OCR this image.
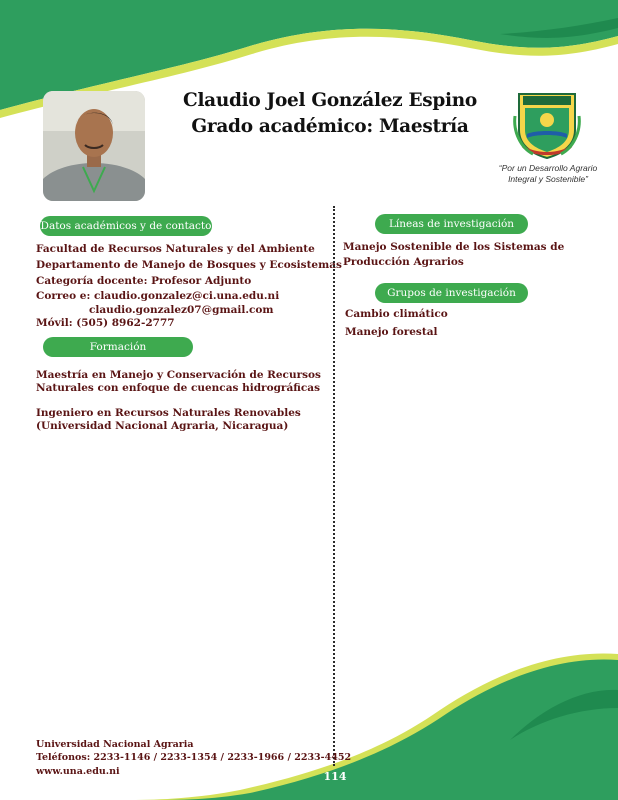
Claudio Joel González Espino
Grado académico: Maestría
“Por un Desarrollo Agrario
Integral y Sostenible”
Datos académicos y de contacto
Formación
Líneas de investigación
Grupos de investigación
Facultad de Recursos Naturales y del Ambiente
Departamento de Manejo de Bosques y Ecosistemas
Categoría docente: Profesor Adjunto
Correo e: claudio.gonzalez@ci.una.edu.ni
claudio.gonzalez07@gmail.com
Móvil: (505) 8962-2777
Maestría en Manejo y Conservación de Recursos
Naturales con enfoque de cuencas hidrográficas
Ingeniero en Recursos Naturales Renovables
(Universidad Nacional Agraria, Nicaragua)
Manejo Sostenible de los Sistemas de
Producción Agrarios
Cambio climático
Manejo forestal
Universidad Nacional Agraria
Teléfonos: 2233-1146 / 2233-1354 / 2233-1966 / 2233-4452
www.una.edu.ni	114
